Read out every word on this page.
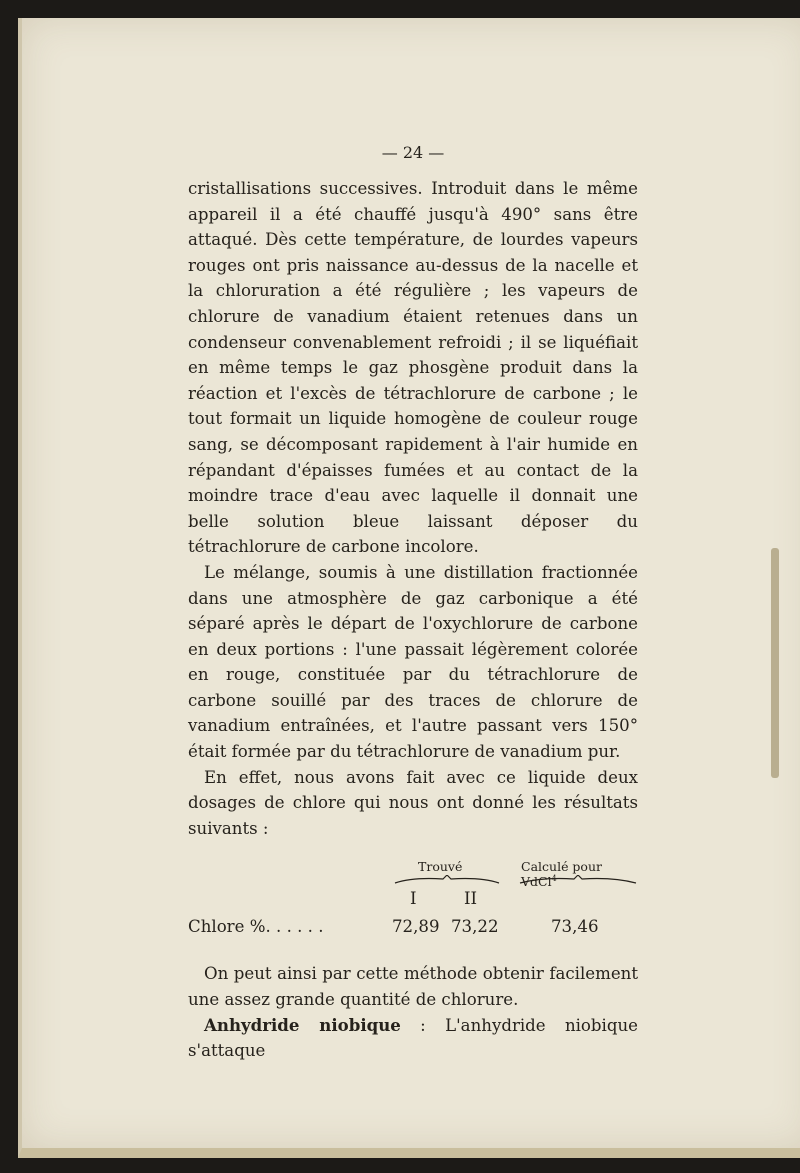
— 24 —

cristallisations successives. Introduit dans le même appareil il a été chauffé jusqu'à 490° sans être attaqué. Dès cette température, de lourdes vapeurs rouges ont pris naissance au-dessus de la nacelle et la chloruration a été régulière ; les vapeurs de chlorure de vanadium étaient retenues dans un condenseur convenablement refroidi ; il se liquéfiait en même temps le gaz phosgène produit dans la réaction et l'excès de tétrachlorure de carbone ; le tout formait un liquide homogène de couleur rouge sang, se décomposant rapidement à l'air humide en répandant d'épaisses fumées et au contact de la moindre trace d'eau avec laquelle il donnait une belle solution bleue laissant déposer du tétrachlorure de carbone incolore.

Le mélange, soumis à une distillation fractionnée dans une atmosphère de gaz carbonique a été séparé après le départ de l'oxychlorure de carbone en deux portions : l'une passait légèrement colorée en rouge, constituée par du tétrachlorure de carbone souillé par des traces de chlorure de vanadium entraînées, et l'autre passant vers 150° était formée par du tétrachlorure de vanadium pur.

En effet, nous avons fait avec ce liquide deux dosages de chlore qui nous ont donné les résultats suivants :

Trouvé	Calculé pour VdCl$^4$
I	II
Chlore %. . . . . .	72,89 73,22	73,46

On peut ainsi par cette méthode obtenir facilement une assez grande quantité de chlorure.

Anhydride niobique : L'anhydride niobique s'attaque
